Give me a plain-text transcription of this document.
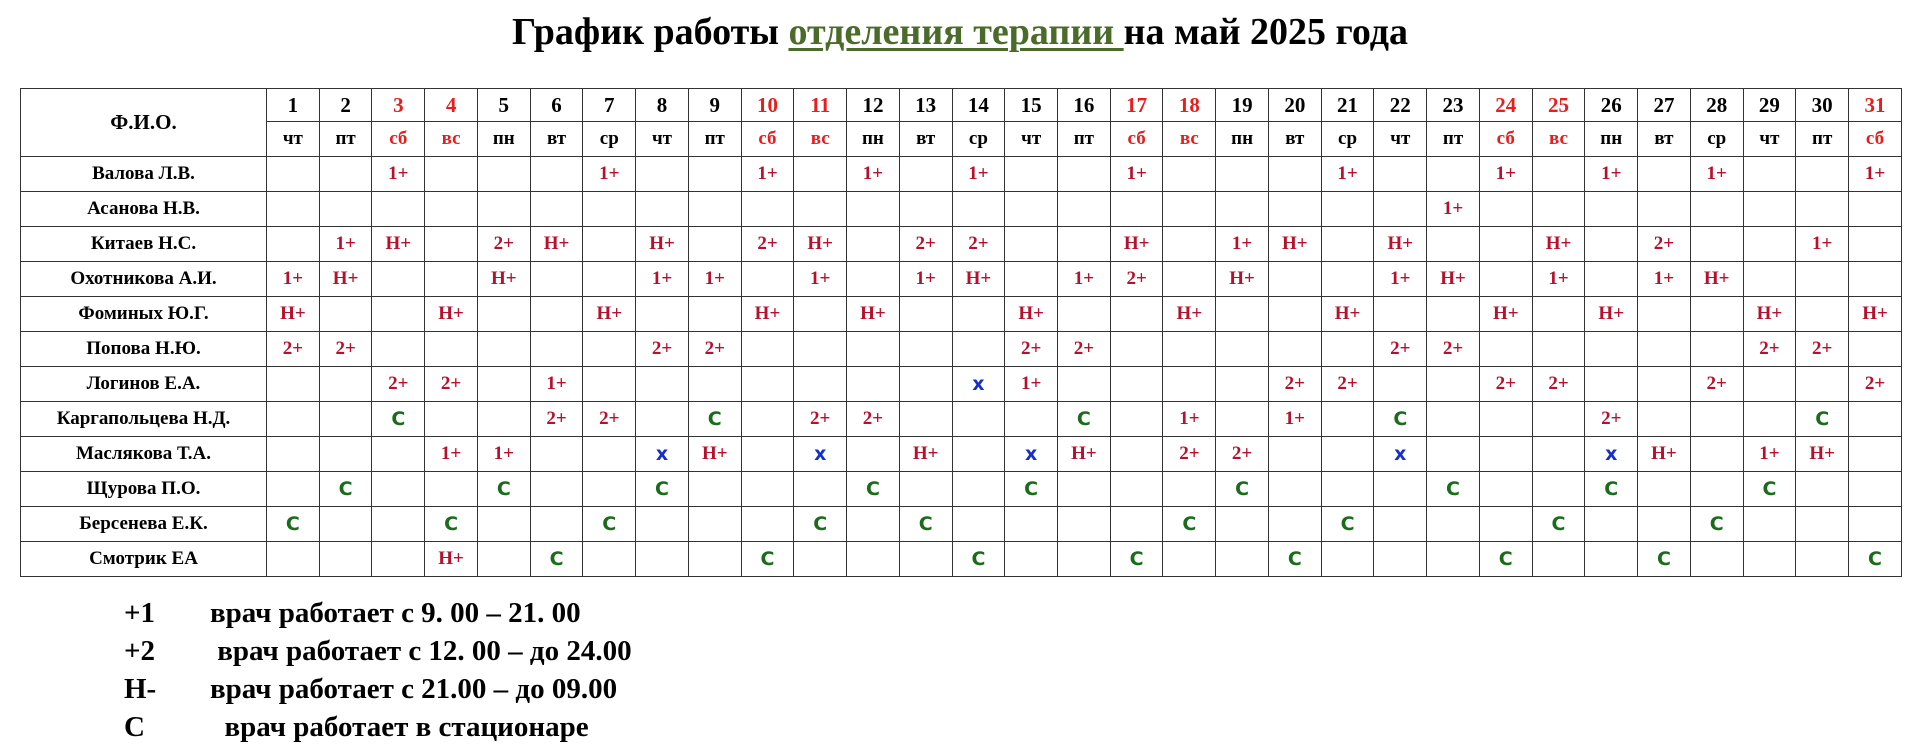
График работы отделения терапии на май 2025 года
Ф.И.О.	1	2	3	4	5	6	7	8	9	10	11	12	13	14	15	16	17	18	19	20	21	22	23	24	25	26	27	28	29	30	31
	чт	пт	сб	вс	пн	вт	ср	чт	пт	сб	вс	пн	вт	ср	чт	пт	сб	вс	пн	вт	ср	чт	пт	сб	вс	пн	вт	ср	чт	пт	сб
Валова Л.В.			1+				1+			1+		1+		1+			1+				1+			1+		1+		1+			1+
Асанова Н.В.																							1+								
Китаев Н.С.		1+	Н+		2+	Н+		Н+		2+	Н+		2+	2+			Н+		1+	Н+		Н+			Н+		2+			1+	
Охотникова А.И.	1+	Н+			Н+			1+	1+		1+		1+	Н+		1+	2+		Н+			1+	Н+		1+		1+	Н+			
Фоминых Ю.Г.	Н+			Н+			Н+			Н+		Н+			Н+			Н+			Н+			Н+		Н+			Н+		Н+
Попова Н.Ю.	2+	2+						2+	2+						2+	2+						2+	2+						2+	2+	
Логинов Е.А.			2+	2+		1+								х	1+					2+	2+			2+	2+			2+			2+
Каргапольцева Н.Д.			С			2+	2+		С		2+	2+				С		1+		1+		С				2+				С	
Маслякова Т.А.				1+	1+			х	Н+		х		Н+		х	Н+		2+	2+			х				х	Н+		1+	Н+	
Щурова П.О.		С			С			С				С			С				С				С			С			С		
Берсенева Е.К.	С			С			С				С		С					С			С				С			С			
Смотрик ЕА				Н+		С				С				С			С			С				С			С				С
+1 врач работает с 9. 00 – 21. 00
+2 врач работает с 12. 00 – до 24.00
Н- врач работает с 21.00 – до 09.00
С  врач работает в стационаре
